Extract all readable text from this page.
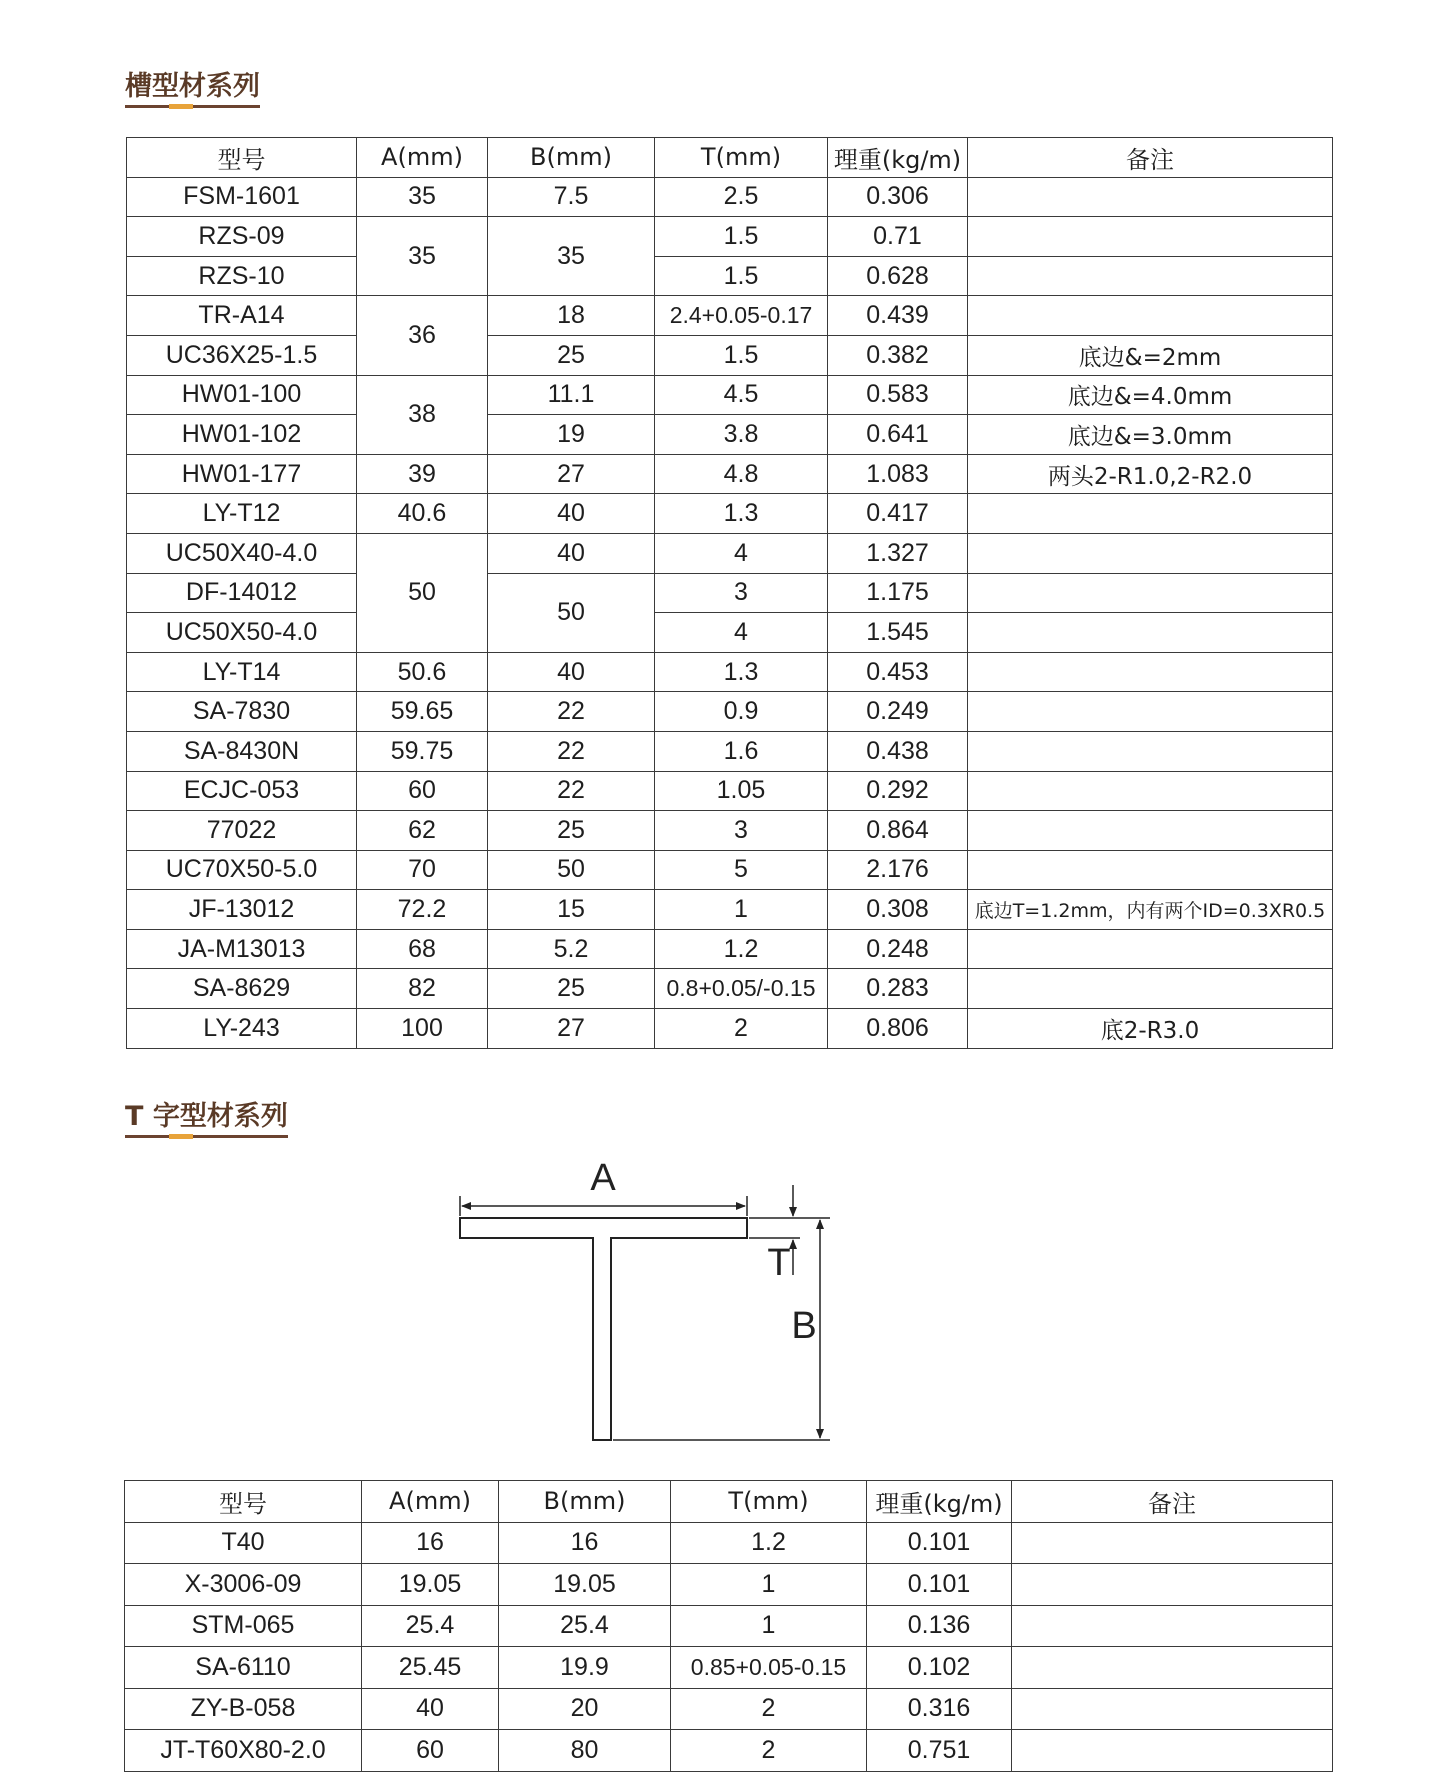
槽型材系列
型号	A(mm)	B(mm)	T(mm)	理重(kg/m)	备注
FSM-1601	35	7.5	2.5	0.306	
RZS-09	35	35	1.5	0.71	
RZS-10			1.5	0.628	
TR-A14	36	18	2.4+0.05-0.17	0.439	
UC36X25-1.5		25	1.5	0.382	底边&=2mm
HW01-100	38	11.1	4.5	0.583	底边&=4.0mm
HW01-102		19	3.8	0.641	底边&=3.0mm
HW01-177	39	27	4.8	1.083	两头2-R1.0,2-R2.0
LY-T12	40.6	40	1.3	0.417	
UC50X40-4.0	50	40	4	1.327	
DF-14012		50	3	1.175	
UC50X50-4.0			4	1.545	
LY-T14	50.6	40	1.3	0.453	
SA-7830	59.65	22	0.9	0.249	
SA-8430N	59.75	22	1.6	0.438	
ECJC-053	60	22	1.05	0.292	
77022	62	25	3	0.864	
UC70X50-5.0	70	50	5	2.176	
JF-13012	72.2	15	1	0.308	底边T=1.2mm，内有两个ID=0.3XR0.5
JA-M13013	68	5.2	1.2	0.248	
SA-8629	82	25	0.8+0.05/-0.15	0.283	
LY-243	100	27	2	0.806	底2-R3.0
T 字型材系列
A
T
B
型号	A(mm)	B(mm)	T(mm)	理重(kg/m)	备注
T40	16	16	1.2	0.101	
X-3006-09	19.05	19.05	1	0.101	
STM-065	25.4	25.4	1	0.136	
SA-6110	25.45	19.9	0.85+0.05-0.15	0.102	
ZY-B-058	40	20	2	0.316	
JT-T60X80-2.0	60	80	2	0.751	
